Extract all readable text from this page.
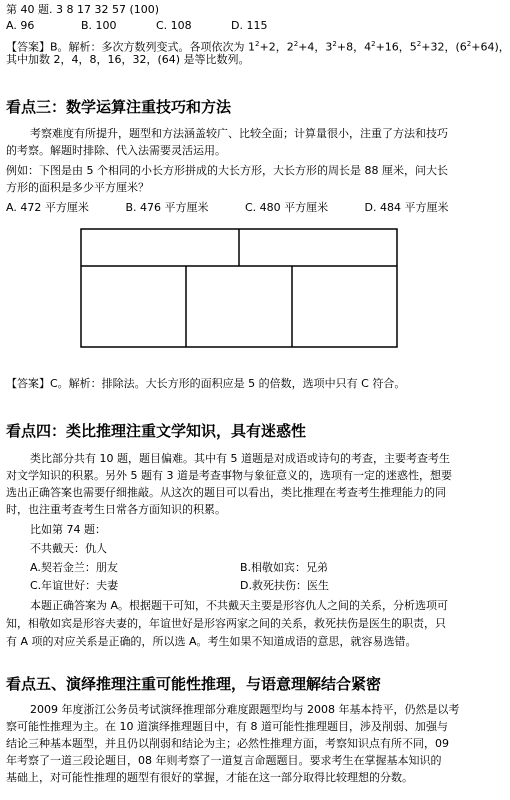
第 40 题. 3 8 17 32 57 (100)
A. 96	B. 100	C. 108	D. 115
【答案】B。解析：多次方数列变式。各项依次为 $1^2+2$，$2^2+4$，$3^2+8$，$4^2+16$，$5^2+32$，$(6^2+64)$，
其中加数 2，4，8，16，32，(64) 是等比数列。
看点三：数学运算注重技巧和方法
考察难度有所提升，题型和方法涵盖较广、比较全面；计算量很小，注重了方法和技巧
的考察。解题时排除、代入法需要灵活运用。
例如：下图是由 5 个相同的小长方形拼成的大长方形，大长方形的周长是 88 厘米，问大长
方形的面积是多少平方厘米？
A. 472 平方厘米	B. 476 平方厘米	C. 480 平方厘米	D. 484 平方厘米
【答案】C。解析：排除法。大长方形的面积应是 5 的倍数，选项中只有 C 符合。
看点四：类比推理注重文学知识，具有迷惑性
类比部分共有 10 题，题目偏难。其中有 5 道题是对成语或诗句的考查，主要考查考生
对文学知识的积累。另外 5 题有 3 道是考查事物与象征意义的，选项有一定的迷惑性，想要
选出正确答案也需要仔细推敲。从这次的题目可以看出，类比推理在考查考生推理能力的同
时，也注重考查考生日常各方面知识的积累。
比如第 74 题：
不共戴天：仇人
A.契若金兰：朋友	B.相敬如宾：兄弟
C.年谊世好：夫妻	D.救死扶伤：医生
本题正确答案为 A。根据题干可知，不共戴天主要是形容仇人之间的关系，分析选项可
知，相敬如宾是形容夫妻的，年谊世好是形容两家之间的关系，救死扶伤是医生的职责，只
有 A 项的对应关系是正确的，所以选 A。考生如果不知道成语的意思，就容易选错。
看点五、演绎推理注重可能性推理，与语意理解结合紧密
2009 年度浙江公务员考试演绎推理部分难度跟题型均与 2008 年基本持平，仍然是以考
察可能性推理为主。在 10 道演绎推理题目中，有 8 道可能性推理题目，涉及削弱、加强与
结论三种基本题型，并且仍以削弱和结论为主；必然性推理方面，考察知识点有所不同，09
年考察了一道三段论题目，08 年则考察了一道复言命题题目。要求考生在掌握基本知识的
基础上，对可能性推理的题型有很好的掌握，才能在这一部分取得比较理想的分数。
